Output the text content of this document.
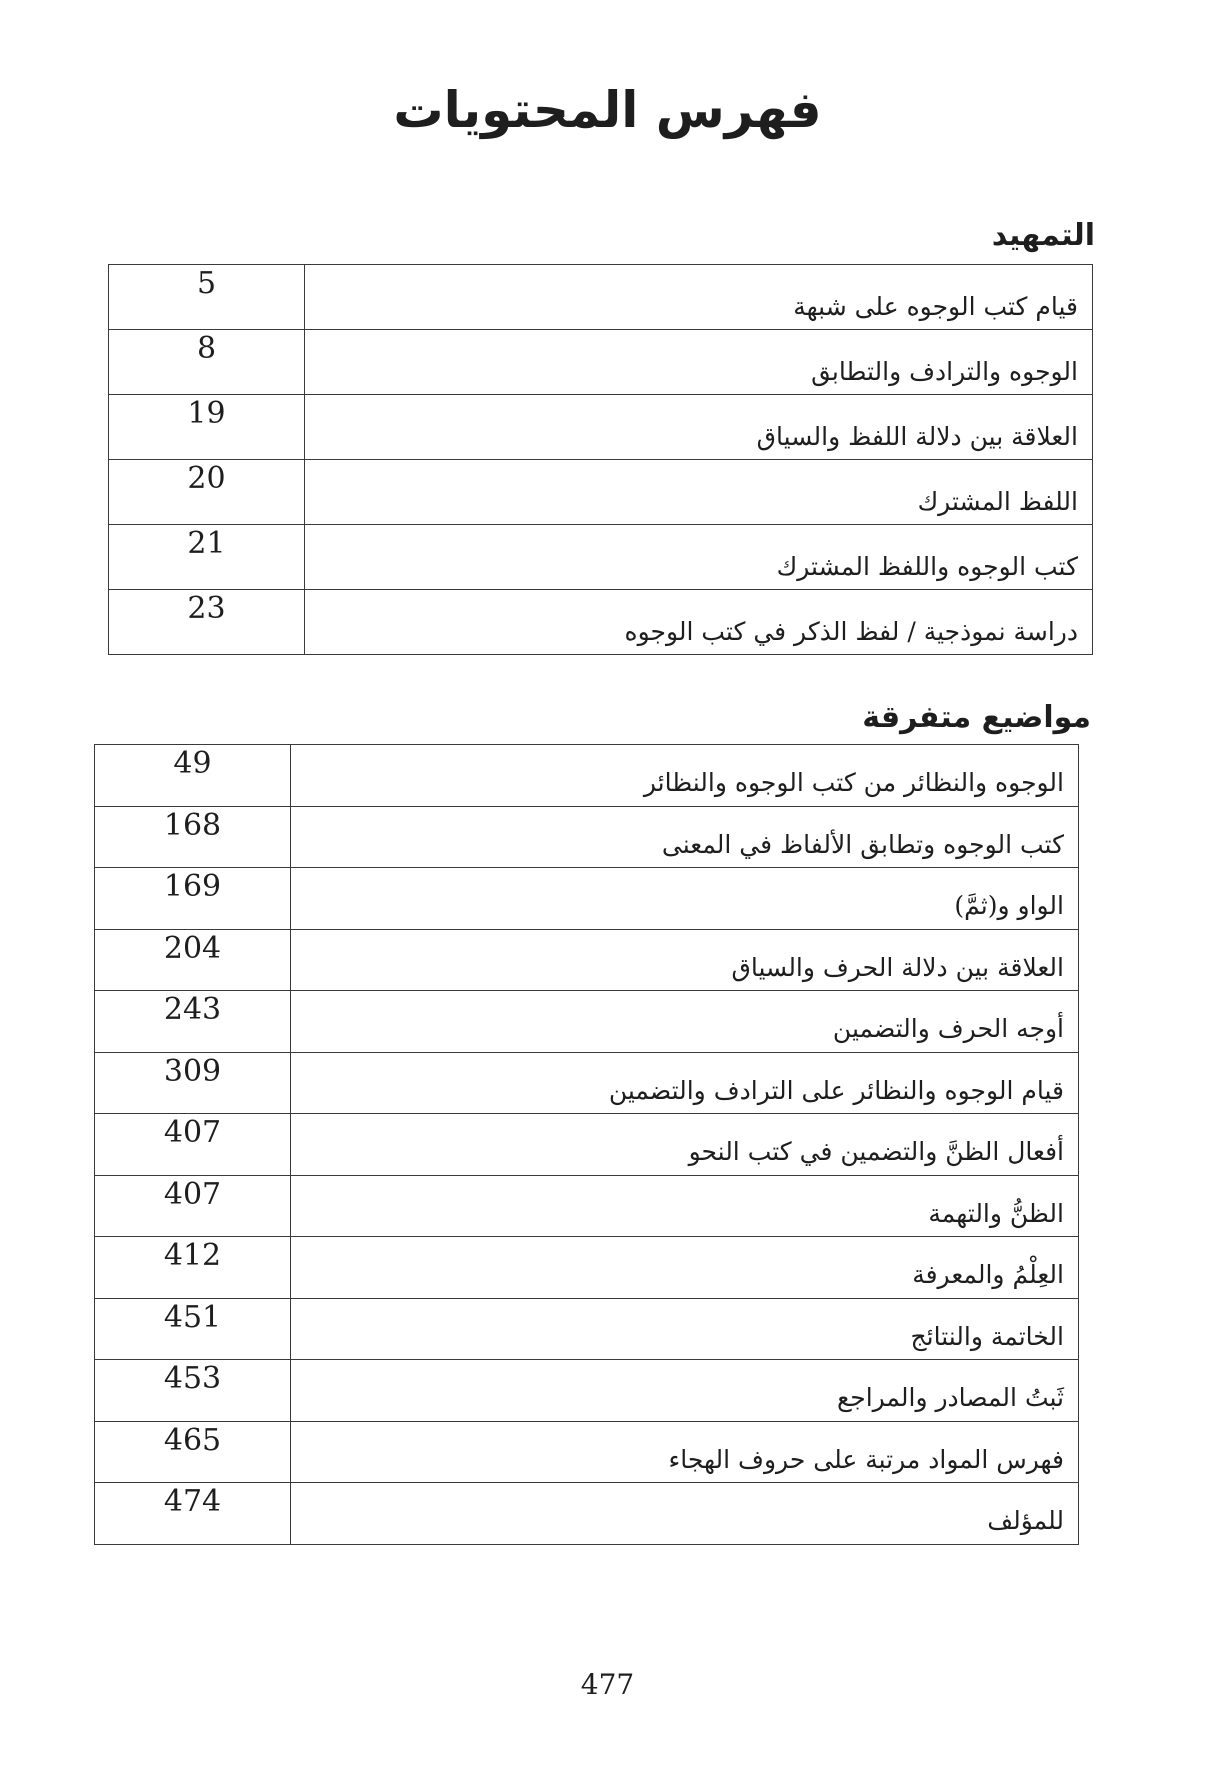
فهرس المحتويات
التمهيد
5	قيام كتب الوجوه على شبهة
8	الوجوه والترادف والتطابق
19	العلاقة بين دلالة اللفظ والسياق
20	اللفظ المشترك
21	كتب الوجوه واللفظ المشترك
23	دراسة نموذجية / لفظ الذكر في كتب الوجوه
مواضيع متفرقة
49	الوجوه والنظائر من كتب الوجوه والنظائر
168	كتب الوجوه وتطابق الألفاظ في المعنى
169	الواو و(ثمَّ)
204	العلاقة بين دلالة الحرف والسياق
243	أوجه الحرف والتضمين
309	قيام الوجوه والنظائر على الترادف والتضمين
407	أفعال الظنَّ والتضمين في كتب النحو
407	الظنُّ والتهمة
412	العِلْمُ والمعرفة
451	الخاتمة والنتائج
453	ثَبتُ المصادر والمراجع
465	فهرس المواد مرتبة على حروف الهجاء
474	للمؤلف
477
